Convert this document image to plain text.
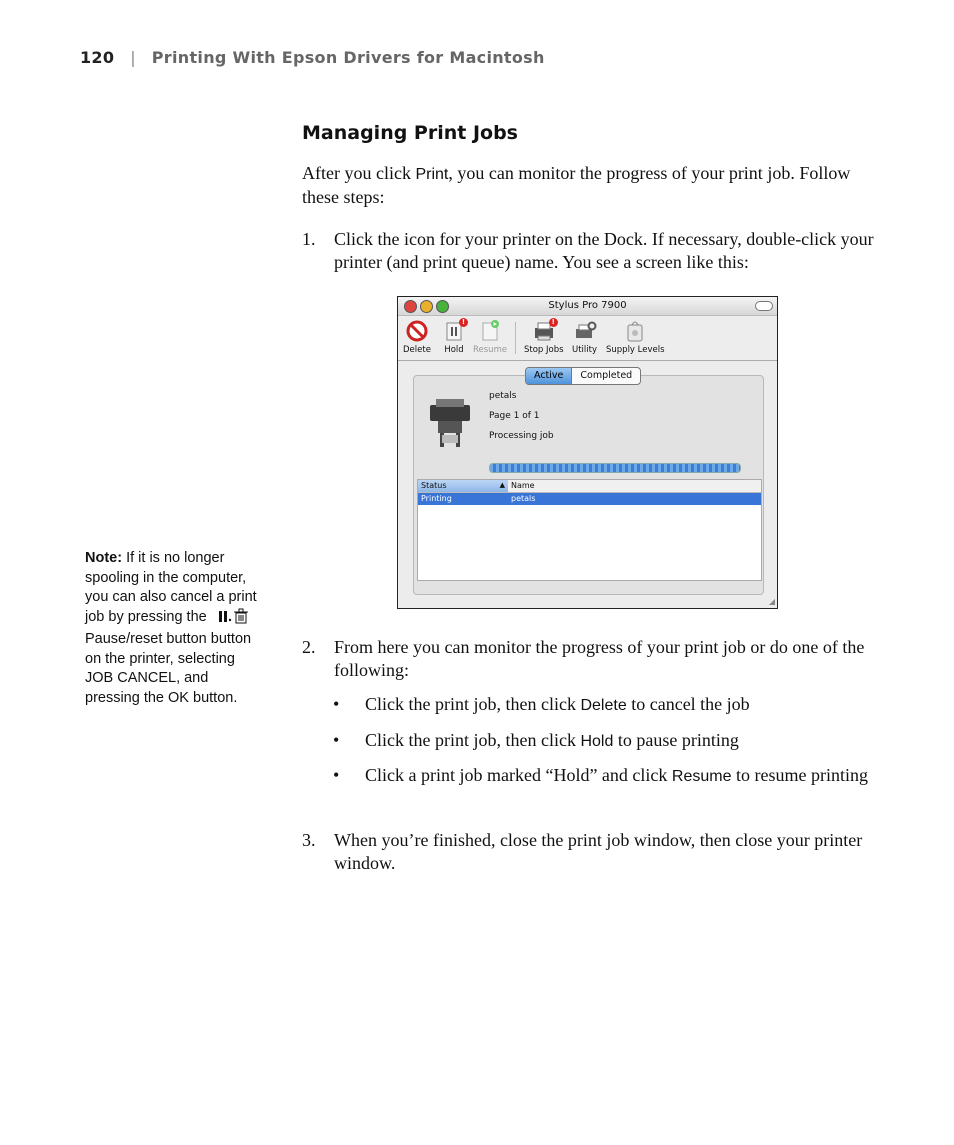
120 | Printing With Epson Drivers for Macintosh
Managing Print Jobs

After you click Print, you can monitor the progress of your print job. Follow these steps:

1. Click the icon for your printer on the Dock. If necessary, double-click your printer (and print queue) name. You see a screen like this:
Stylus Pro 7900
Delete
!
Hold Resume
!
Stop Jobs Utility Supply Levels
Active	Completed
petals
Page 1 of 1
Processing job
Status	▲ Name
Printing	petals
◢
2. From here you can monitor the progress of your print job or do one of the following:
• Click the print job, then click Delete to cancel the job
• Click the print job, then click Hold to pause printing
• Click a print job marked “Hold” and click Resume to resume printing
3. When you’re finished, close the print job window, then close your printer window.
Note: If it is no longer spooling in the computer, you can also cancel a print job by pressing the Pause/reset button button on the printer, selecting JOB CANCEL, and pressing the OK button.
